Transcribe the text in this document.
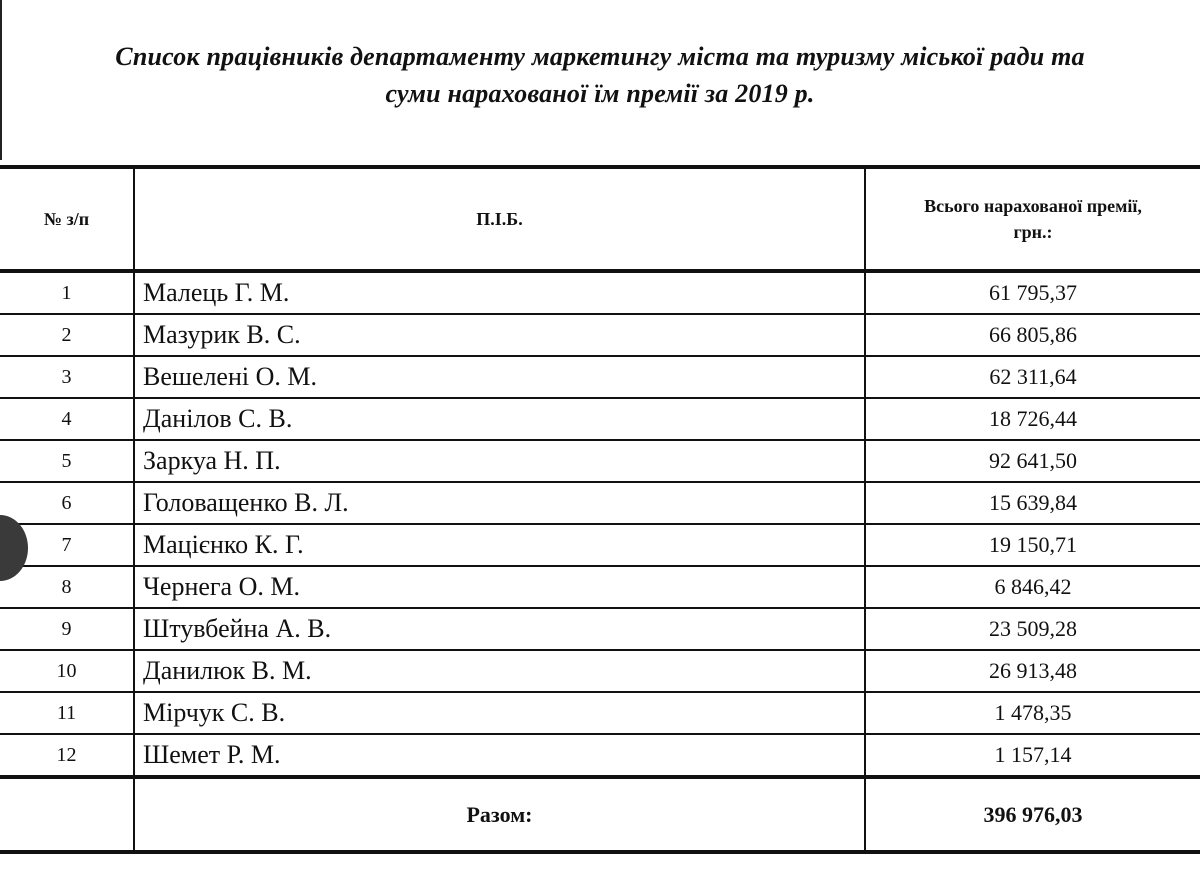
Список працівників департаменту маркетингу міста та туризму міської ради та
суми нарахованої їм премії за 2019 р.
№ з/п	П.І.Б.	Всього нарахованої премії, грн.:
1	Малець Г. М.	61 795,37
2	Мазурик В. С.	66 805,86
3	Вешелені О. М.	62 311,64
4	Данілов С. В.	18 726,44
5	Заркуа Н. П.	92 641,50
6	Головащенко В. Л.	15 639,84
7	Мацієнко К. Г.	19 150,71
8	Чернега О. М.	6 846,42
9	Штувбейна А. В.	23 509,28
10	Данилюк В. М.	26 913,48
11	Мірчук С. В.	1 478,35
12	Шемет Р. М.	1 157,14
	Разом:	396 976,03
